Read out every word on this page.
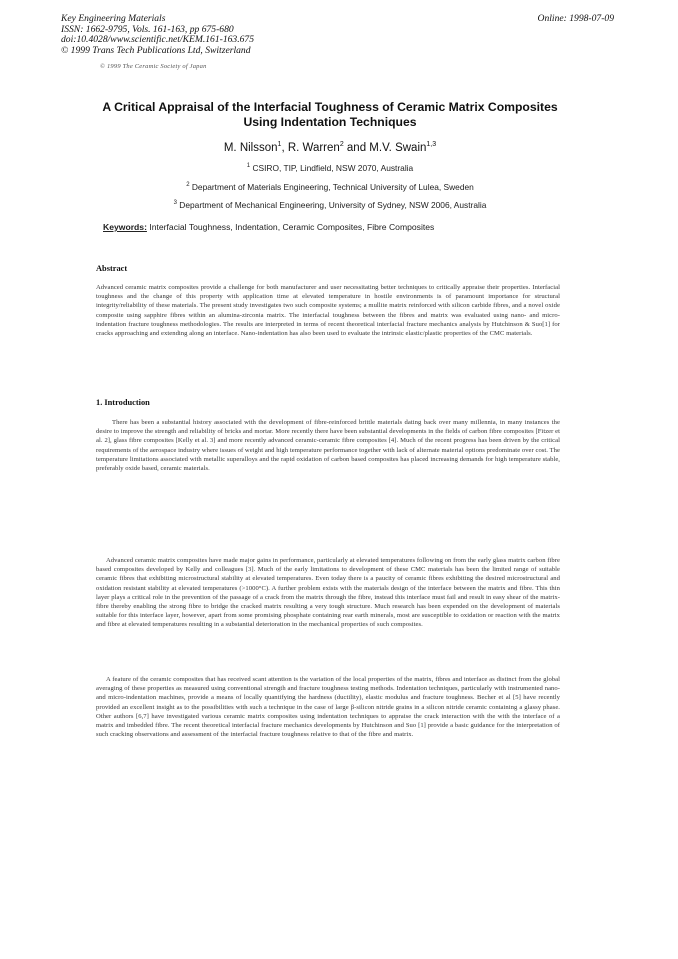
Key Engineering Materials
ISSN: 1662-9795, Vols. 161-163, pp 675-680
doi:10.4028/www.scientific.net/KEM.161-163.675
© 1999 Trans Tech Publications Ltd, Switzerland
Online: 1998-07-09
© 1999 The Ceramic Society of Japan
A Critical Appraisal of the Interfacial Toughness of Ceramic Matrix Composites Using Indentation Techniques
M. Nilsson$^1$, R. Warren$^2$ and M.V. Swain$^{1,3}$
$^1$ CSIRO, TIP, Lindfield, NSW 2070, Australia
$^2$ Department of Materials Engineering, Technical University of Lulea, Sweden
$^3$ Department of Mechanical Engineering, University of Sydney, NSW 2006, Australia
Keywords: Interfacial Toughness, Indentation, Ceramic Composites, Fibre Composites
Abstract
Advanced ceramic matrix composites provide a challenge for both manufacturer and user necessitating better techniques to critically appraise their properties. Interfacial toughness and the change of this property with application time at elevated temperature in hostile environments is of paramount importance for structural integrity/reliability of these materials. The present study investigates two such composite systems; a mullite matrix reinforced with silicon carbide fibres, and a novel oxide composite using sapphire fibres within an alumina-zirconia matrix. The interfacial toughness between the fibres and matrix was evaluated using nano- and micro-indentation fracture toughness methodologies. The results are interpreted in terms of recent theoretical interfacial fracture mechanics analysis by Hutchinson & Suo[1] for cracks approaching and extending along an interface. Nano-indentation has also been used to evaluate the intrinsic elastic/plastic properties of the CMC materials.
1. Introduction
There has been a substantial history associated with the development of fibre-reinforced brittle materials dating back over many millennia, in many instances the desire to improve the strength and reliability of bricks and mortar. More recently there have been substantial developments in the fields of carbon fibre composites [Fitzer et al. 2], glass fibre composites [Kelly et al. 3] and more recently advanced ceramic-ceramic fibre composites [4]. Much of the recent progress has been driven by the critical requirements of the aerospace industry where issues of weight and high temperature performance together with lack of alternate material options predominate over cost. The temperature limitations associated with metallic superalloys and the rapid oxidation of carbon based composites has placed increasing demands for high temperature stable, preferably oxide based, ceramic materials.
Advanced ceramic matrix composites have made major gains in performance, particularly at elevated temperatures following on from the early glass matrix carbon fibre based composites developed by Kelly and colleagues [3]. Much of the early limitations to development of these CMC materials has been the limited range of suitable ceramic fibres that exhibiting microstructural stability at elevated temperatures. Even today there is a paucity of ceramic fibres exhibiting the desired microstructural and oxidation resistant stability at elevated temperatures (>1000°C). A further problem exists with the materials design of the interface between the matrix and fibre. This thin layer plays a critical role in the prevention of the passage of a crack from the matrix through the fibre, instead this interface must fail and result in easy shear of the matrix-fibre thereby enabling the strong fibre to bridge the cracked matrix resulting a very tough structure. Much research has been expended on the development of materials suitable for this interface layer, however, apart from some promising phosphate containing rear earth minerals, most are susceptible to oxidation or reaction with the matrix and fibre at elevated temperatures resulting in a substantial deterioration in the mechanical properties of such composites.
A feature of the ceramic composites that has received scant attention is the variation of the local properties of the matrix, fibres and interface as distinct from the global averaging of these properties as measured using conventional strength and fracture toughness testing methods. Indentation techniques, particularly with instrumented nano- and micro-indentation machines, provide a means of locally quantifying the hardness (ductility), elastic modulus and fracture toughness. Becher et al [5] have recently provided an excellent insight as to the possibilities with such a technique in the case of large β-silicon nitride grains in a silicon nitride ceramic containing a glassy phase. Other authors [6,7] have investigated various ceramic matrix composites using indentation techniques to appraise the crack interaction with the with the interface of a matrix and imbedded fibre. The recent theoretical interfacial fracture mechanics developments by Hutchinson and Suo [1] provide a basic guidance for the interpretation of such cracking observations and assessment of the interfacial fracture toughness relative to that of the fibre and matrix.
